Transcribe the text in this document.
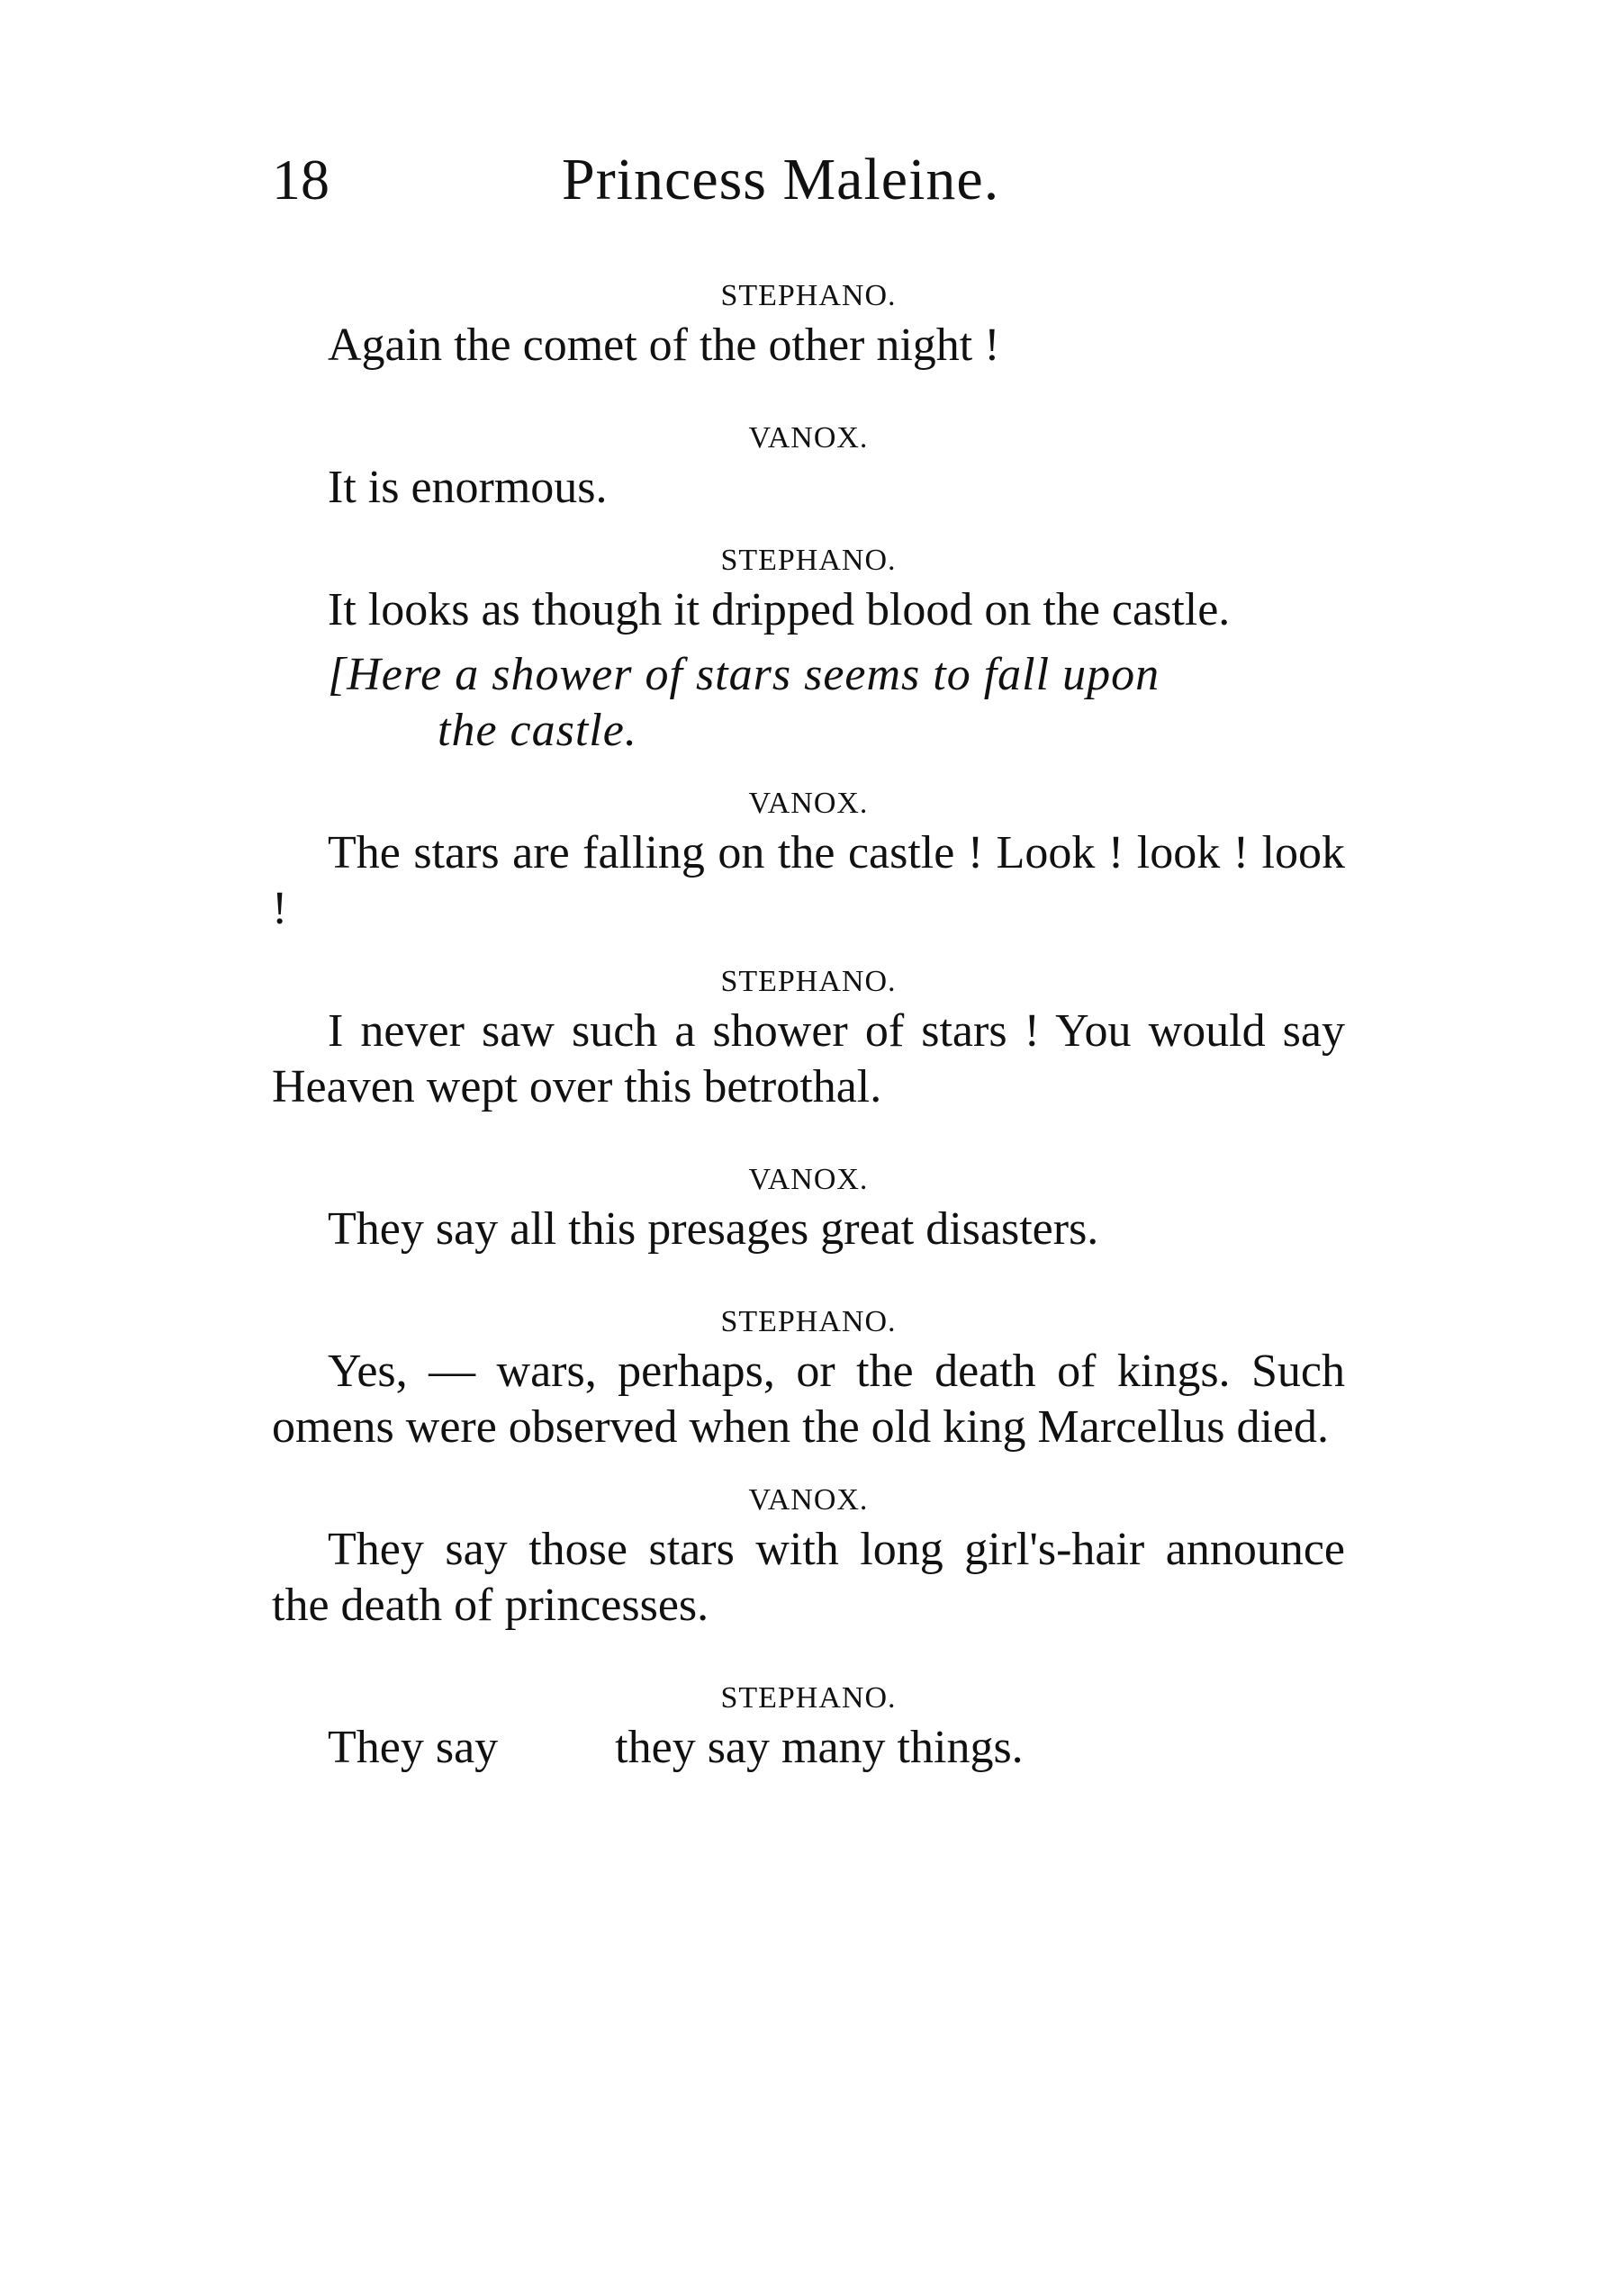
18	Princess Maleine.
STEPHANO.

Again the comet of the other night !

VANOX.

It is enormous.

STEPHANO.

It looks as though it dripped blood on the castle.

[Here a shower of stars seems to fall upon

the castle.

VANOX.

The stars are falling on the castle ! Look ! look ! look !

STEPHANO.

I never saw such a shower of stars ! You would say Heaven wept over this betrothal.

VANOX.

They say all this presages great disasters.

STEPHANO.

Yes, — wars, perhaps, or the death of kings. Such omens were observed when the old king Marcellus died.

VANOX.

They say those stars with long girl's-hair announce the death of princesses.

STEPHANO.

They say	they say many things.
